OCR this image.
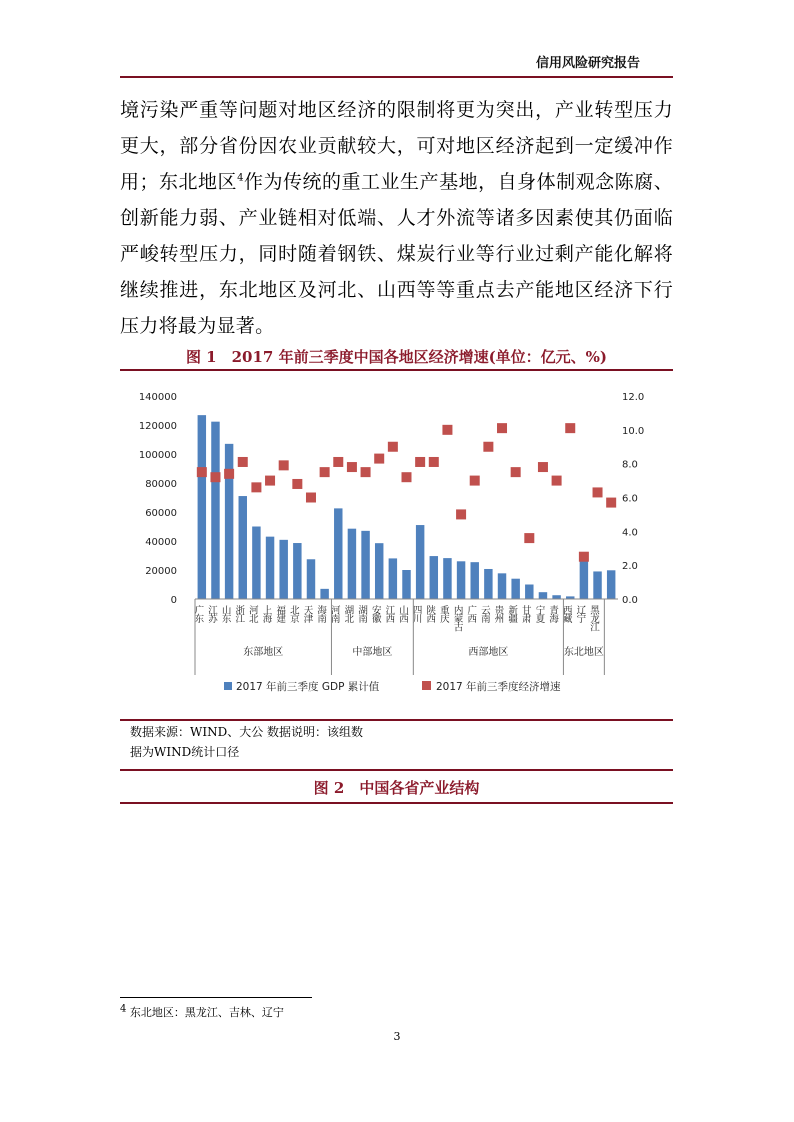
信用风险研究报告

境污染严重等问题对地区经济的限制将更为突出，产业转型压力更大，部分省份因农业贡献较大，可对地区经济起到一定缓冲作用；东北地区$^4$作为传统的重工业生产基地，自身体制观念陈腐、 创新能力弱、产业链相对低端、人才外流等诸多因素使其仍面临 严峻转型压力，同时随着钢铁、煤炭行业等行业过剩产能化解将 继续推进，东北地区及河北、山西等等重点去产能地区经济下行 压力将最为显著。

图 1　2017 年前三季度中国各地区经济增速(单位：亿元、%)
0
20000
40000
60000
80000
100000
120000
140000
0.0
2.0
4.0
6.0
8.0
10.0
12.0
广东 江苏 山东 浙江 河北 上海 福建 北京 天津 海南 河南 湖北 湖南 安徽 江西 山西 四川 陕西 重庆 内蒙古 广西 云南 贵州 新疆 甘肃 宁夏 青海 西藏 辽宁 黑龙江
东部地区	中部地区	西部地区	东北地区
2017 年前三季度 GDP 累计值	2017 年前三季度经济增速
数据来源：WIND、大公 数据说明：该组数据为WIND统计口径
图 2　中国各省产业结构
$^4$ 东北地区：黑龙江、吉林、辽宁
3
